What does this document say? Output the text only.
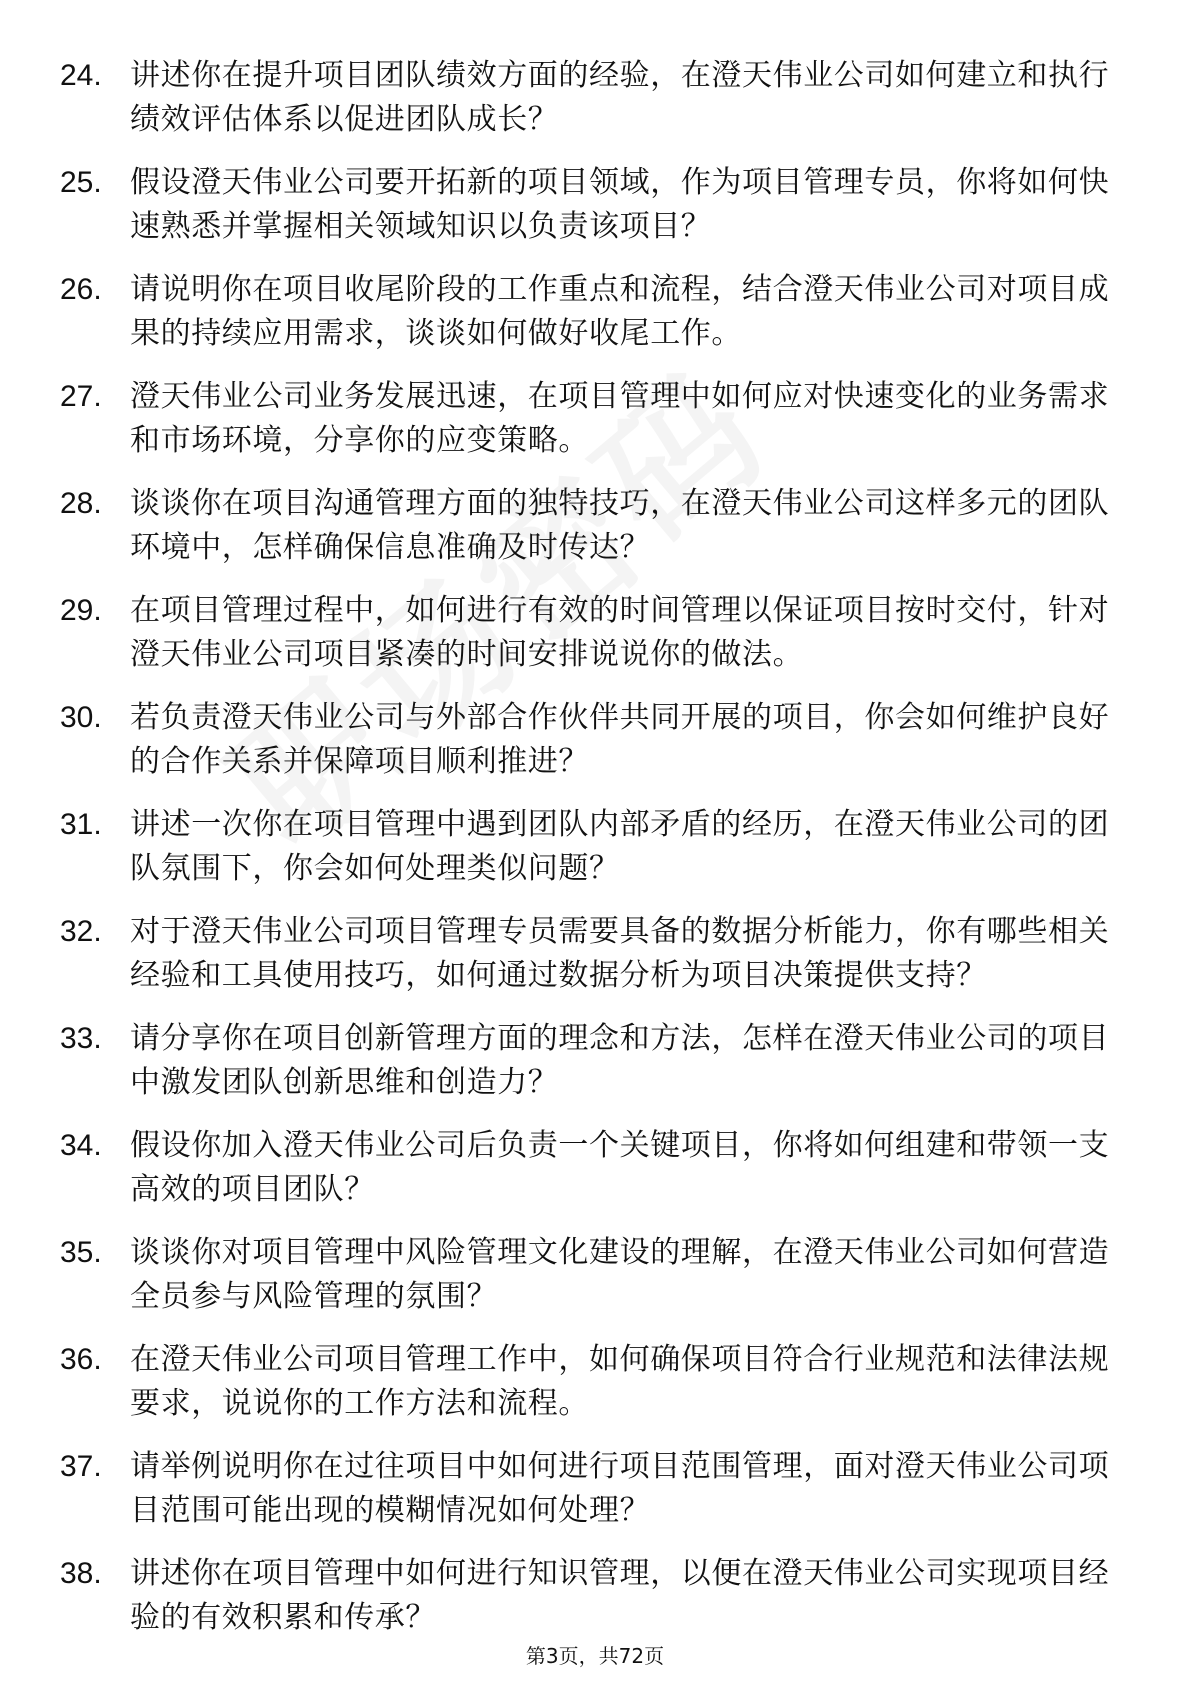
24. 讲述你在提升项目团队绩效方面的经验，在澄天伟业公司如何建立和执行绩效评估体系以促进团队成长？
25. 假设澄天伟业公司要开拓新的项目领域，作为项目管理专员，你将如何快速熟悉并掌握相关领域知识以负责该项目？
26. 请说明你在项目收尾阶段的工作重点和流程，结合澄天伟业公司对项目成果的持续应用需求，谈谈如何做好收尾工作。
27. 澄天伟业公司业务发展迅速，在项目管理中如何应对快速变化的业务需求和市场环境，分享你的应变策略。
28. 谈谈你在项目沟通管理方面的独特技巧，在澄天伟业公司这样多元的团队环境中，怎样确保信息准确及时传达？
29. 在项目管理过程中，如何进行有效的时间管理以保证项目按时交付，针对澄天伟业公司项目紧凑的时间安排说说你的做法。
30. 若负责澄天伟业公司与外部合作伙伴共同开展的项目，你会如何维护良好的合作关系并保障项目顺利推进？
31. 讲述一次你在项目管理中遇到团队内部矛盾的经历，在澄天伟业公司的团队氛围下，你会如何处理类似问题？
32. 对于澄天伟业公司项目管理专员需要具备的数据分析能力，你有哪些相关经验和工具使用技巧，如何通过数据分析为项目决策提供支持？
33. 请分享你在项目创新管理方面的理念和方法，怎样在澄天伟业公司的项目中激发团队创新思维和创造力？
34. 假设你加入澄天伟业公司后负责一个关键项目，你将如何组建和带领一支高效的项目团队？
35. 谈谈你对项目管理中风险管理文化建设的理解，在澄天伟业公司如何营造全员参与风险管理的氛围？
36. 在澄天伟业公司项目管理工作中，如何确保项目符合行业规范和法律法规要求，说说你的工作方法和流程。
37. 请举例说明你在过往项目中如何进行项目范围管理，面对澄天伟业公司项目范围可能出现的模糊情况如何处理？
38. 讲述你在项目管理中如何进行知识管理，以便在澄天伟业公司实现项目经验的有效积累和传承？
第3页，共72页
